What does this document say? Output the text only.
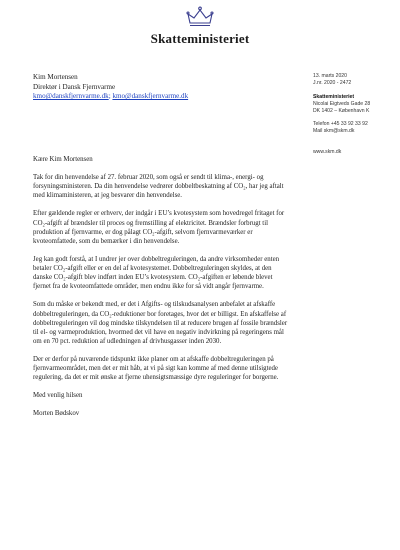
Skatteministeriet
Kim Mortensen
Direktør i Dansk Fjernvarme
kmo@danskfjernvarme.dk; kmo@danskfjernvarme.dk
13. marts 2020
J.nr. 2020 - 2472
Skatteministeriet
Nicolai Eigtveds Gade 28
DK 1402 – København K
Telefon +45 33 92 33 92
Mail skm@skm.dk
www.skm.dk
Kære Kim Mortensen

Tak for din henvendelse af 27. februar 2020, som også er sendt til klima-, energi- og forsyningsministeren. Da din henvendelse vedrører dobbeltbeskatning af CO₂, har jeg aftalt med klimaministeren, at jeg besvarer din henvendelse.

Efter gældende regler er erhverv, der indgår i EU’s kvotesystem som hovedregel fritaget for CO₂-afgift af brændsler til proces og fremstilling af elektricitet. Brændsler forbrugt til produktion af fjernvarme, er dog pålagt CO₂-afgift, selvom fjernvarmeværker er kvoteomfattede, som du bemærker i din henvendelse.

Jeg kan godt forstå, at I undrer jer over dobbeltreguleringen, da andre virksomheder enten betaler CO₂-afgift eller er en del af kvotesystemet. Dobbeltreguleringen skyldes, at den danske CO₂-afgift blev indført inden EU’s kvotesystem. CO₂-afgiften er løbende blevet fjernet fra de kvoteomfattede områder, men endnu ikke for så vidt angår fjernvarme.

Som du måske er bekendt med, er det i Afgifts- og tilskudsanalysen anbefalet at afskaffe dobbeltreguleringen, da CO₂-reduktioner bor foretages, hvor det er billigst. En afskaffelse af dobbeltreguleringen vil dog mindske tilskyndelsen til at reducere brugen af fossile brændsler til el- og varmeproduktion, hvormed det vil have en negativ indvirkning på regeringens mål om en 70 pct. reduktion af udledningen af drivhusgasser inden 2030.

Der er derfor på nuværende tidspunkt ikke planer om at afskaffe dobbeltreguleringen på fjernvarmeområdet, men det er mit håb, at vi på sigt kan komme af med denne utilsigtede regulering, da det er mit ønske at fjerne uhensigtsmæssige dyre reguleringer for borgerne.

Med venlig hilsen
Morten Bødskov
